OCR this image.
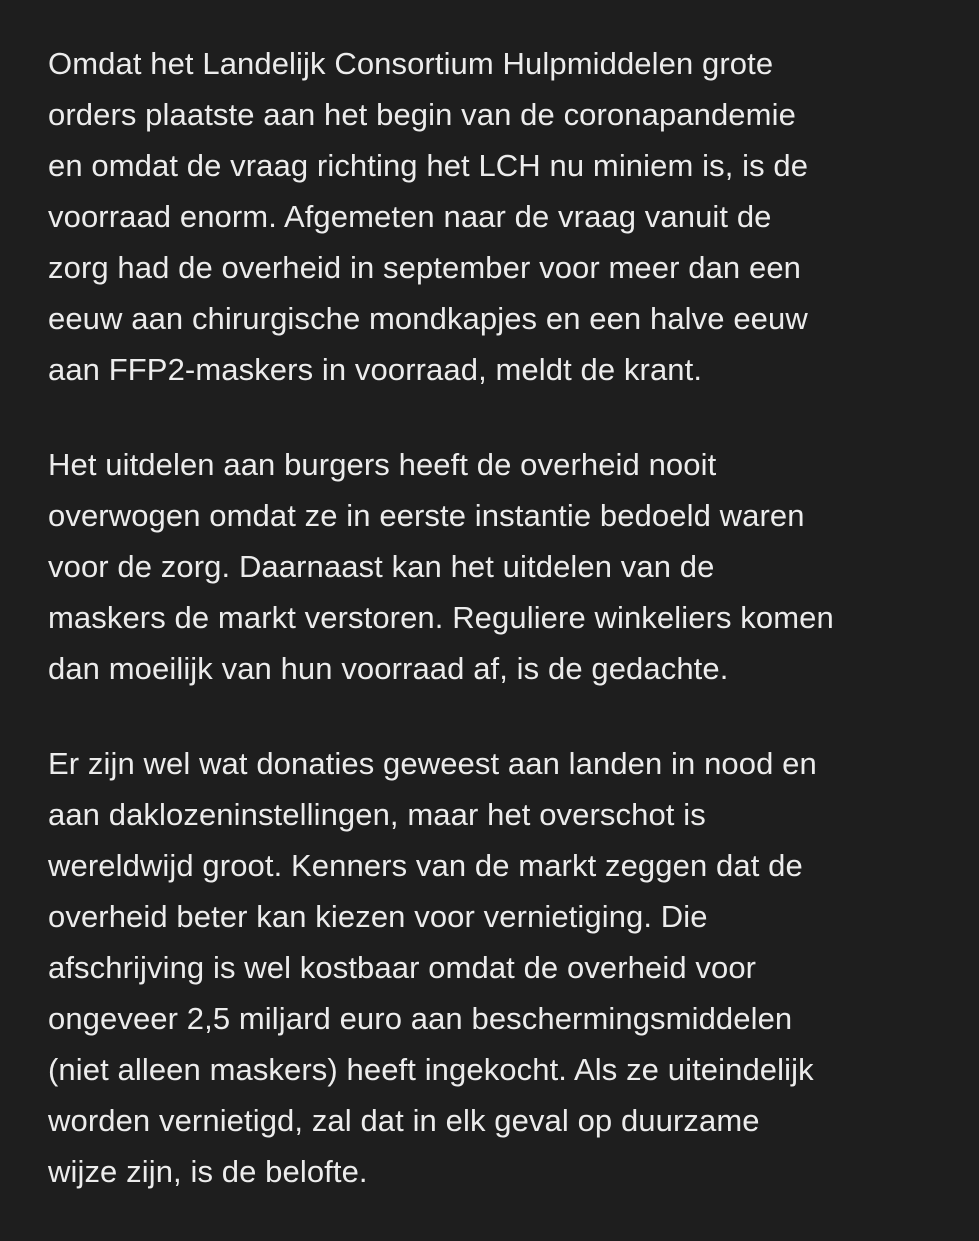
Omdat het Landelijk Consortium Hulpmiddelen grote
orders plaatste aan het begin van de coronapandemie
en omdat de vraag richting het LCH nu miniem is, is de
voorraad enorm. Afgemeten naar de vraag vanuit de
zorg had de overheid in september voor meer dan een
eeuw aan chirurgische mondkapjes en een halve eeuw
aan FFP2-maskers in voorraad, meldt de krant.

Het uitdelen aan burgers heeft de overheid nooit
overwogen omdat ze in eerste instantie bedoeld waren
voor de zorg. Daarnaast kan het uitdelen van de
maskers de markt verstoren. Reguliere winkeliers komen
dan moeilijk van hun voorraad af, is de gedachte.

Er zijn wel wat donaties geweest aan landen in nood en
aan daklozeninstellingen, maar het overschot is
wereldwijd groot. Kenners van de markt zeggen dat de
overheid beter kan kiezen voor vernietiging. Die
afschrijving is wel kostbaar omdat de overheid voor
ongeveer 2,5 miljard euro aan beschermingsmiddelen
(niet alleen maskers) heeft ingekocht. Als ze uiteindelijk
worden vernietigd, zal dat in elk geval op duurzame
wijze zijn, is de belofte.
